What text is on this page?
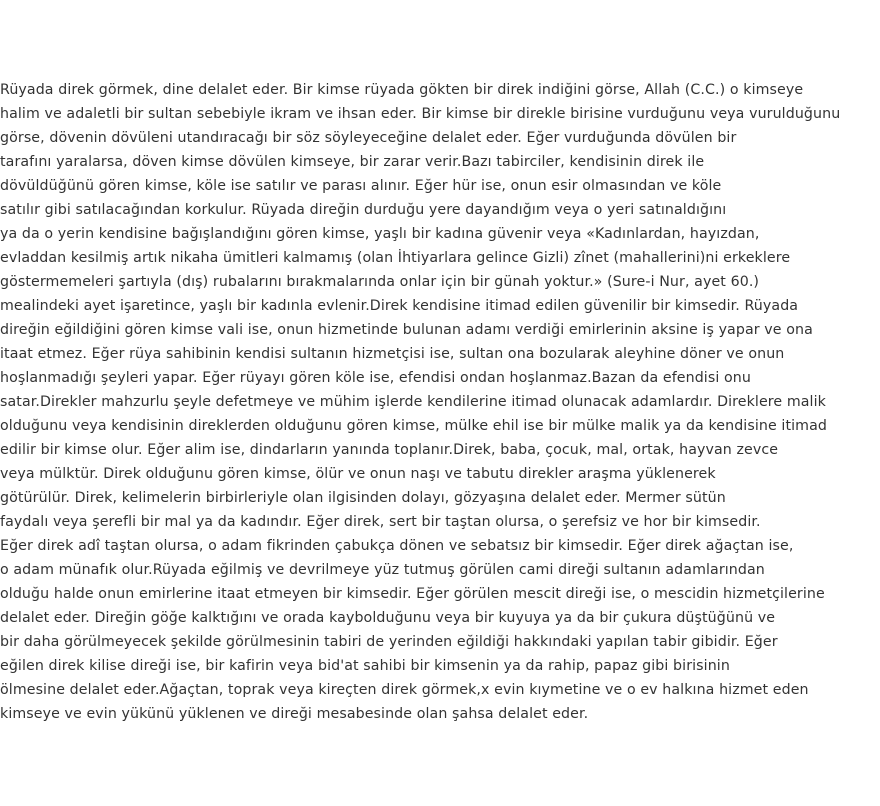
Rüyada direk görmek, dine delalet eder. Bir kimse rüyada gökten bir direk indiğini görse, Allah (C.C.) o kimseye
halim ve adaletli bir sultan sebebiyle ikram ve ihsan eder. Bir kimse bir direkle birisine vurduğunu veya vurulduğunu
görse, dövenin dövüleni utandıracağı bir söz söyleyeceğine delalet eder. Eğer vurduğunda dövülen bir
tarafını yaralarsa, döven kimse dövülen kimseye, bir zarar verir.Bazı tabirciler, kendisinin direk ile
dövüldüğünü gören kimse, köle ise satılır ve parası alınır. Eğer hür ise, onun esir olmasından ve köle
satılır gibi satılacağından korkulur. Rüyada direğin durduğu yere dayandığım veya o yeri satınaldığını
ya da o yerin kendisine bağışlandığını gören kimse, yaşlı bir kadına güvenir veya «Kadınlardan, hayızdan,
evladdan kesilmiş artık nikaha ümitleri kalmamış (olan İhtiyarlara gelince Gizli) zînet (mahallerini)ni erkeklere
göstermemeleri şartıyla (dış) rubalarını bırakmalarında onlar için bir günah yoktur.» (Sure-i Nur, ayet 60.)
mealindeki ayet işaretince, yaşlı bir kadınla evlenir.Direk kendisine itimad edilen güvenilir bir kimsedir. Rüyada
direğin eğildiğini gören kimse vali ise, onun hizmetinde bulunan adamı verdiği emirlerinin aksine iş yapar ve ona
itaat etmez. Eğer rüya sahibinin kendisi sultanın hizmetçisi ise, sultan ona bozularak aleyhine döner ve onun
hoşlanmadığı şeyleri yapar. Eğer rüyayı gören köle ise, efendisi ondan hoşlanmaz.Bazan da efendisi onu
satar.Direkler mahzurlu şeyle defetmeye ve mühim işlerde kendilerine itimad olunacak adamlardır. Direklere malik
olduğunu veya kendisinin direklerden olduğunu gören kimse, mülke ehil ise bir mülke malik ya da kendisine itimad
edilir bir kimse olur. Eğer alim ise, dindarların yanında toplanır.Direk, baba, çocuk, mal, ortak, hayvan zevce
veya mülktür. Direk olduğunu gören kimse, ölür ve onun naşı ve tabutu direkler araşma yüklenerek
götürülür. Direk, kelimelerin birbirleriyle olan ilgisinden dolayı, gözyaşına delalet eder. Mermer sütün
faydalı veya şerefli bir mal ya da kadındır. Eğer direk, sert bir taştan olursa, o şerefsiz ve hor bir kimsedir.
Eğer direk adî taştan olursa, o adam fikrinden çabukça dönen ve sebatsız bir kimsedir. Eğer direk ağaçtan ise,
o adam münafık olur.Rüyada eğilmiş ve devrilmeye yüz tutmuş görülen cami direği sultanın adamlarından
olduğu halde onun emirlerine itaat etmeyen bir kimsedir. Eğer görülen mescit direği ise, o mescidin hizmetçilerine
delalet eder. Direğin göğe kalktığını ve orada kaybolduğunu veya bir kuyuya ya da bir çukura düştüğünü ve
bir daha görülmeyecek şekilde görülmesinin tabiri de yerinden eğildiği hakkındaki yapılan tabir gibidir. Eğer
eğilen direk kilise direği ise, bir kafirin veya bid'at sahibi bir kimsenin ya da rahip, papaz gibi birisinin
ölmesine delalet eder.Ağaçtan, toprak veya kireçten direk görmek,x evin kıymetine ve o ev halkına hizmet eden
kimseye ve evin yükünü yüklenen ve direği mesabesinde olan şahsa delalet eder.
